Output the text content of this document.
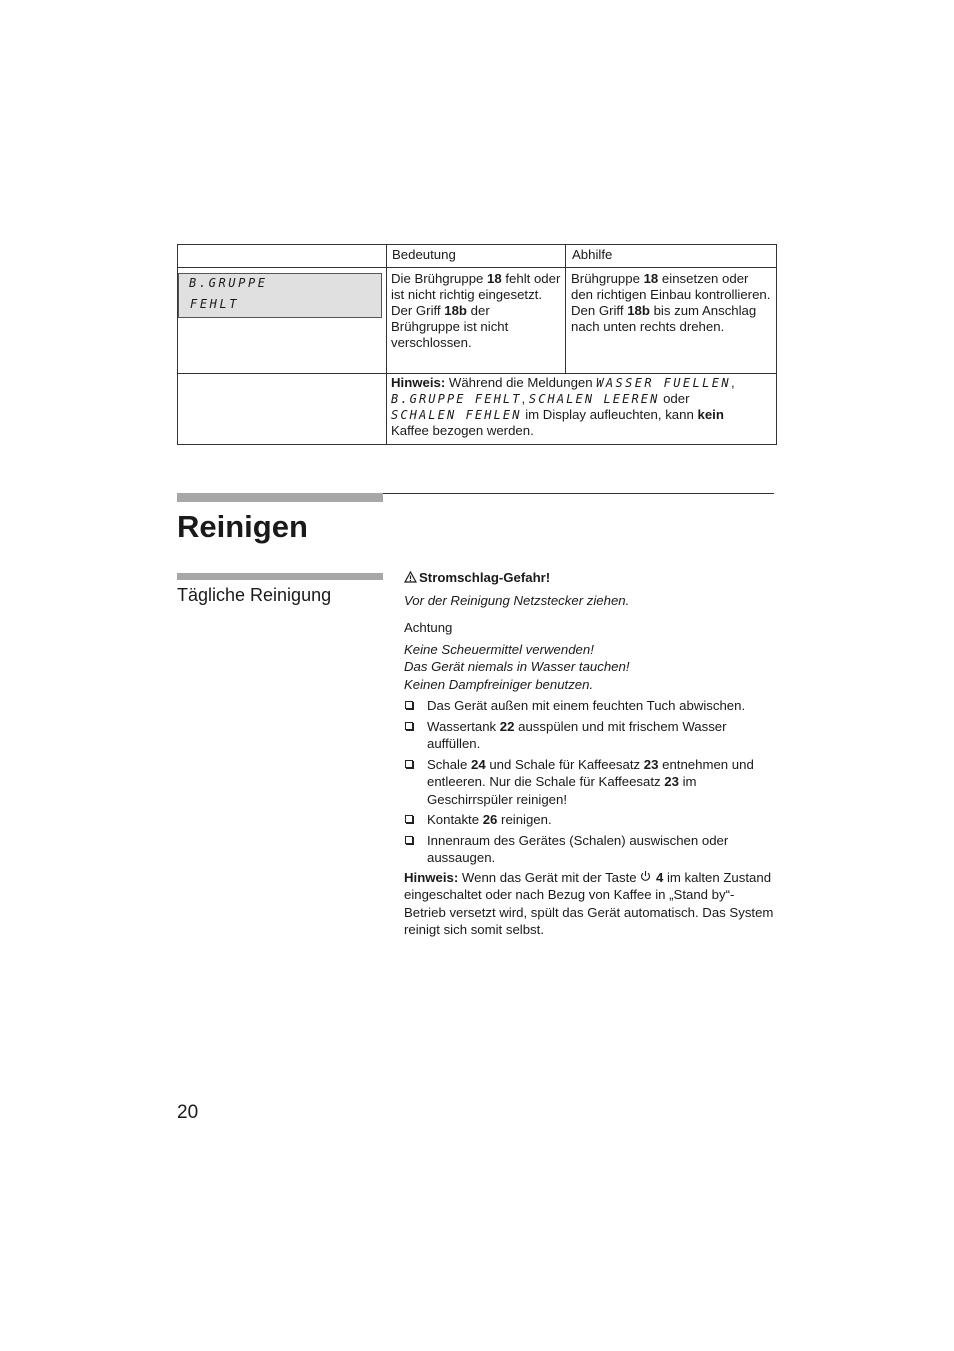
Bedeutung	Abhilfe
B.GRUPPE
FEHLT
Die Brühgruppe 18 fehlt oder ist nicht richtig eingesetzt.
Der Griff 18b der Brühgruppe ist nicht verschlossen.
Brühgruppe 18 einsetzen oder den richtigen Einbau kontrollieren.
Den Griff 18b bis zum Anschlag nach unten rechts drehen.
Hinweis: Während die Meldungen WASSER FUELLEN,
B.GRUPPE FEHLT, SCHALEN LEEREN oder
SCHALEN FEHLEN im Display aufleuchten, kann kein
Kaffee bezogen werden.
Reinigen
Tägliche Reinigung
Stromschlag-Gefahr!
Vor der Reinigung Netzstecker ziehen.
Achtung
Keine Scheuermittel verwenden!
Das Gerät niemals in Wasser tauchen!
Keinen Dampfreiniger benutzen.
Das Gerät außen mit einem feuchten Tuch abwischen.
Wassertank 22 ausspülen und mit frischem Wasser auffüllen.
Schale 24 und Schale für Kaffeesatz 23 entnehmen und entleeren. Nur die Schale für Kaffeesatz 23 im Geschirrspüler reinigen!
Kontakte 26 reinigen.
Innenraum des Gerätes (Schalen) auswischen oder aussaugen.
Hinweis: Wenn das Gerät mit der Taste  4 im kalten Zustand eingeschaltet oder nach Bezug von Kaffee in „Stand by“-Betrieb versetzt wird, spült das Gerät automatisch. Das System reinigt sich somit selbst.
20
